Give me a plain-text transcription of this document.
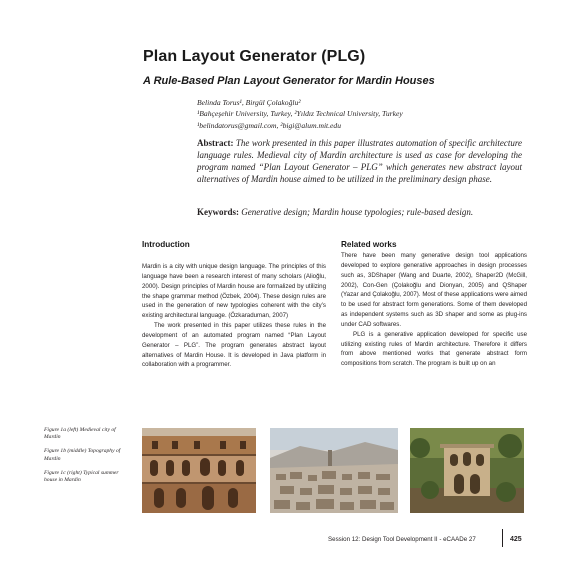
Plan Layout Generator (PLG)
A Rule-Based Plan Layout Generator for Mardin Houses
Belinda Torus¹, Birgül Çolakoğlu²
¹Bahçeşehir University, Turkey, ²Yıldız Technical University, Turkey
¹belindatorus@gmail.com, ²bigi@alum.mit.edu
Abstract: The work presented in this paper illustrates automation of specific architecture language rules. Medieval city of Mardin architecture is used as case for developing the program named “Plan Layout Generator – PLG” which generates new abstract layout alternatives of Mardin house aimed to be utilized in the preliminary design phase.
Keywords: Generative design; Mardin house typologies; rule-based design.
Introduction

Mardin is a city with unique design language. The principles of this language have been a research interest of many scholars (Alioğlu, 2000). Design principles of Mardin house are formalized by utilizing the shape grammar method (Özbek, 2004). These design rules are used in the generation of new typologies coherent with the city’s existing architectural language. (Özkaraduman, 2007)

The work presented in this paper utilizes these rules in the development of an automated program named “Plan Layout Generator – PLG”. The program generates abstract layout alternatives of Mardin House. It is developed in Java platform in collaboration with a programmer.

Related works

There have been many generative design tool applications developed to explore generative approaches in design processes such as, 3DShaper (Wang and Duarte, 2002), Shaper2D (McGill, 2002), Con-Gen (Çolakoğlu and Dionyan, 2005) and QShaper (Yazar and Çolakoğlu, 2007). Most of these applications were aimed to be used for abstract form generations. Some of them developed as independent systems such as 3D shaper and some as plug-ins under CAD softwares.

PLG is a generative application developed for specific use utilizing existing rules of Mardin architecture. Therefore it differs from above mentioned works that generate abstract form compositions from scratch. The program is built up on an

Figure 1a (left) Medieval city of Mardin
Figure 1b (middle) Topography of Mardin
Figure 1c (right) Typical summer house in Mardin
Session 12: Design Tool Development II - eCAADe 27	425
